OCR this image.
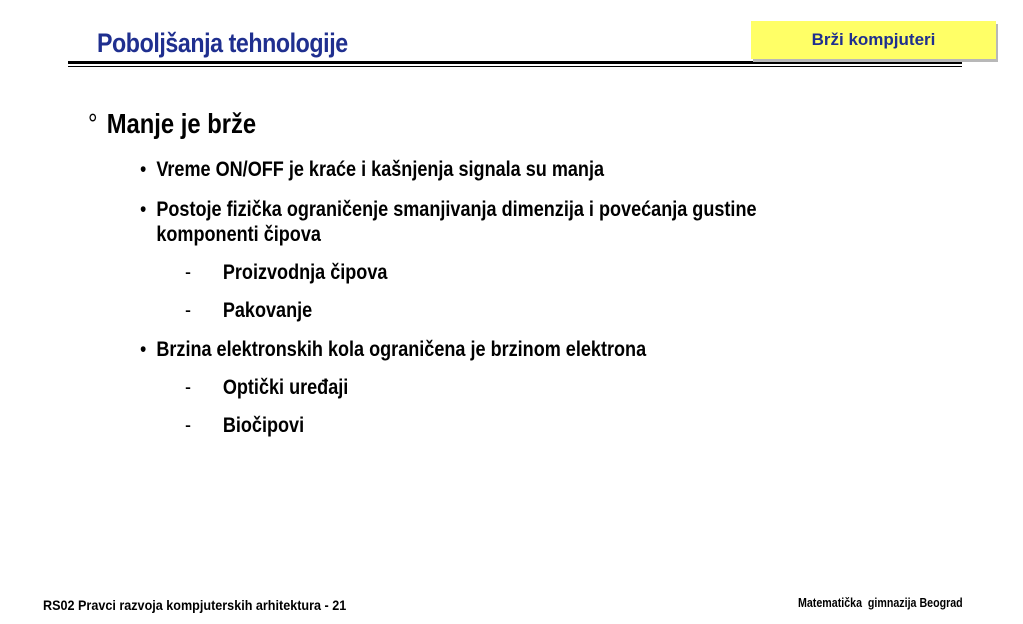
Poboljšanja tehnologije	Brži kompjuteri
° Manje je brže
• Vreme ON/OFF je kraće i kašnjenja signala su manja
• Postoje fizička ograničenje smanjivanja dimenzija i povećanja gustine
komponenti čipova
- Proizvodnja čipova
- Pakovanje
• Brzina elektronskih kola ograničena je brzinom elektrona
- Optički uređaji
- Biočipovi
RS02 Pravci razvoja kompjuterskih arhitektura - 21	Matematička  gimnazija Beograd
